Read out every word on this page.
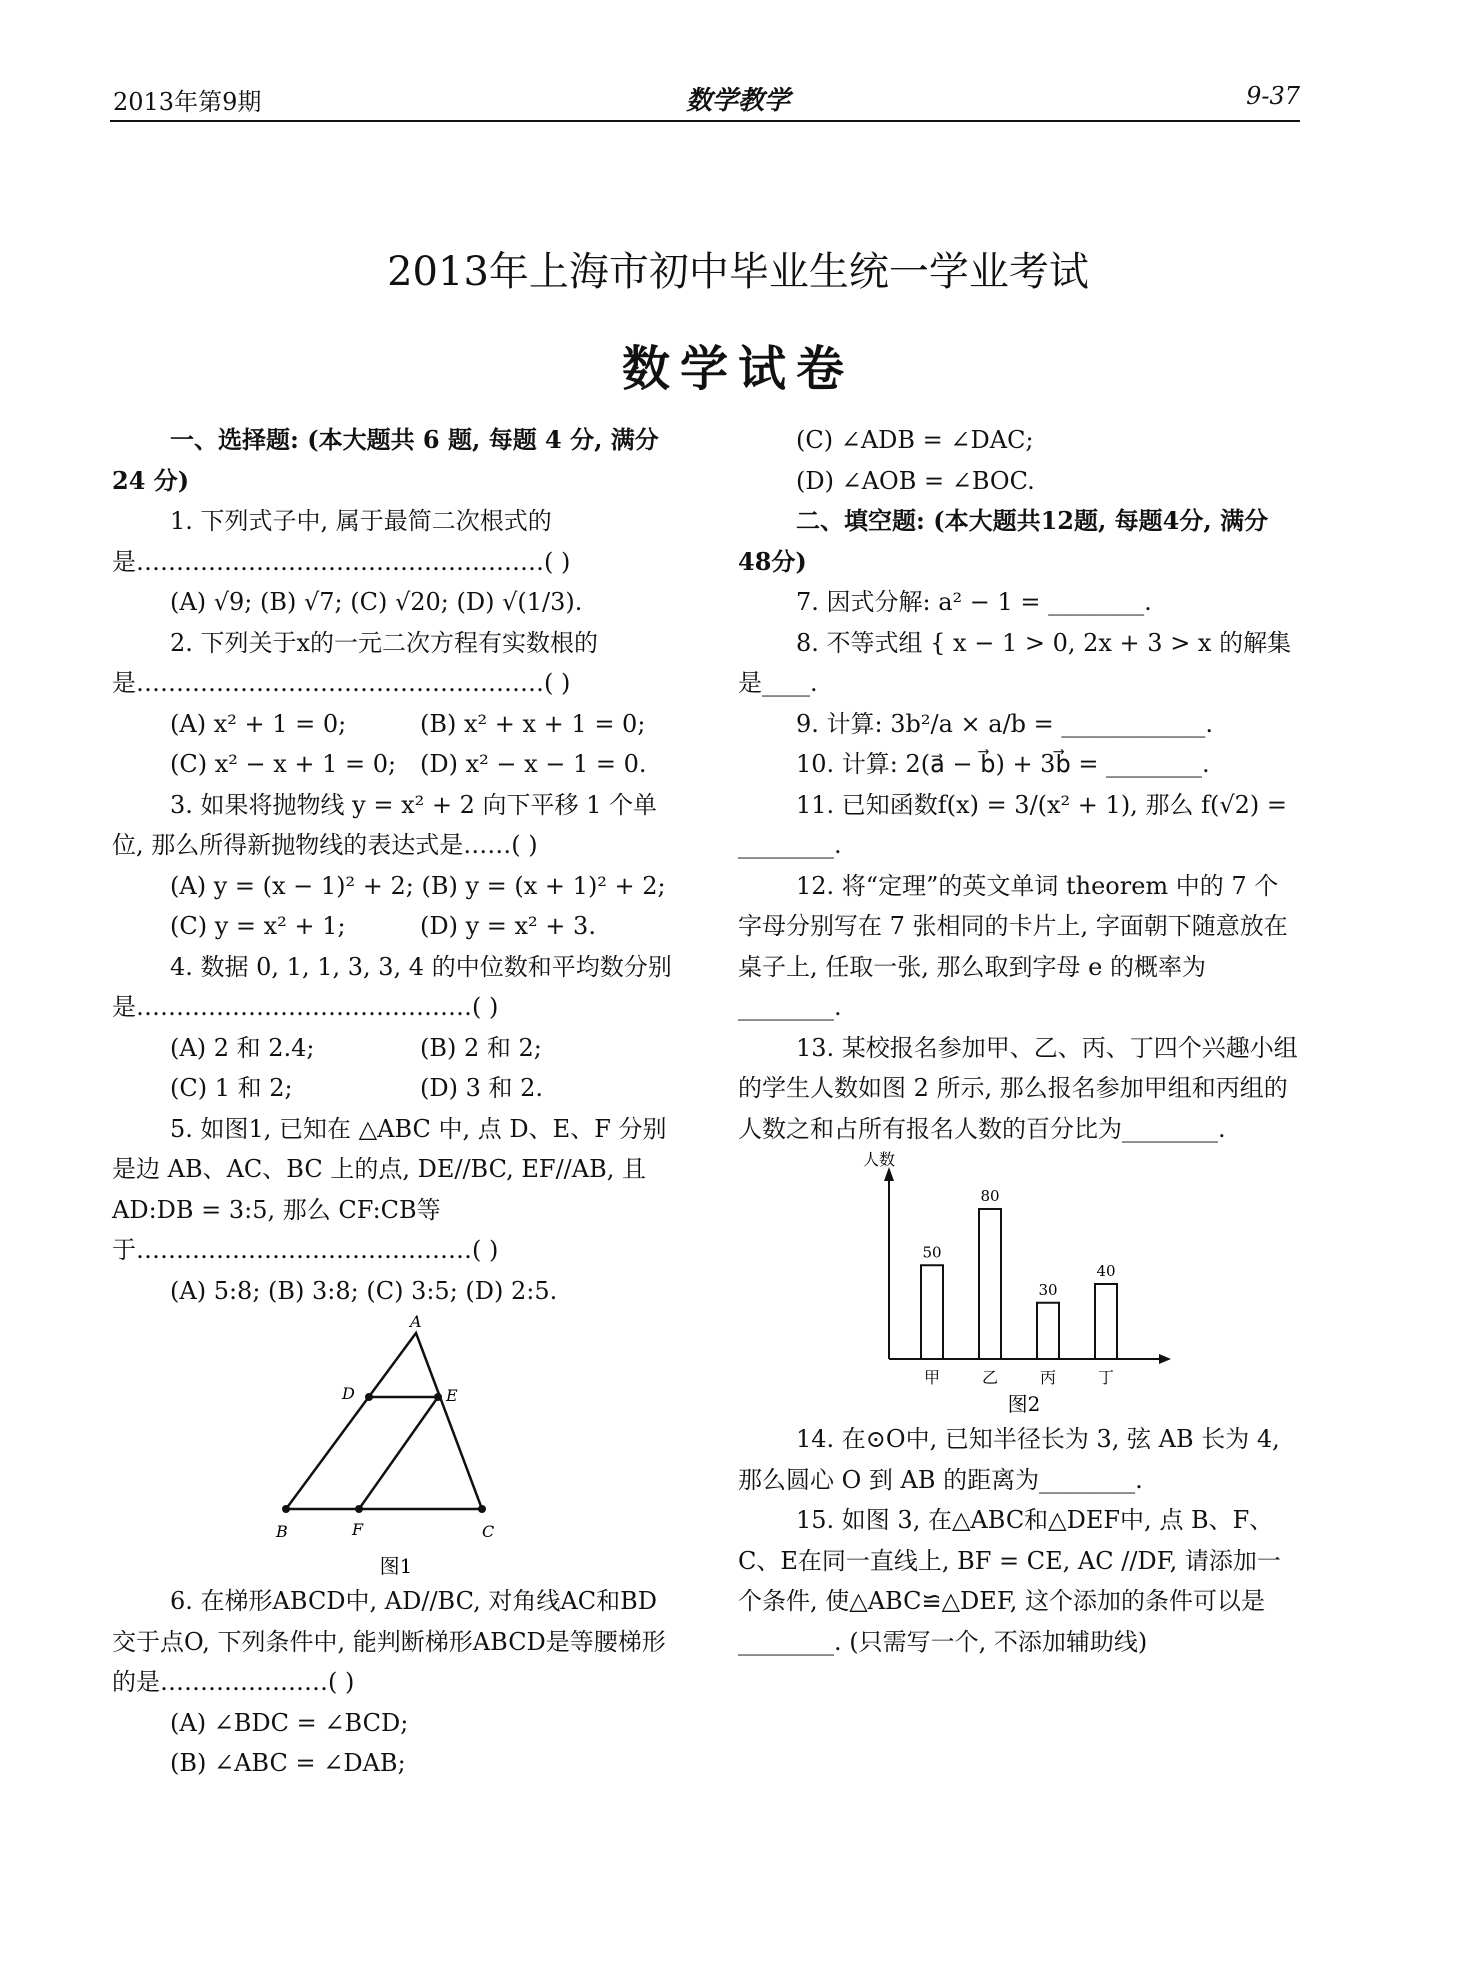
2013年第9期	数学教学	9-37
2013年上海市初中毕业生统一学业考试
数学试卷

一、选择题: (本大题共 6 题, 每题 4 分, 满分 24 分)

1. 下列式子中, 属于最简二次根式的是……………………………………………( )

(A) √9; (B) √7; (C) √20; (D) √(1/3).

2. 下列关于x的一元二次方程有实数根的是……………………………………………( )

(A) x² + 1 = 0;	(B) x² + x + 1 = 0;
(C) x² − x + 1 = 0; (D) x² − x − 1 = 0.

3. 如果将抛物线 y = x² + 2 向下平移 1 个单位, 那么所得新抛物线的表达式是……( )

(A) y = (x − 1)² + 2; (B) y = (x + 1)² + 2;

(C) y = x² + 1;	(D) y = x² + 3.

4. 数据 0, 1, 1, 3, 3, 4 的中位数和平均数分别是……………………………………( )

(A) 2 和 2.4;	(B) 2 和 2;
(C) 1 和 2;	(D) 3 和 2.

5. 如图1, 已知在 △ABC 中, 点 D、E、F 分别是边 AB、AC、BC 上的点, DE//BC, EF//AB, 且 AD:DB = 3:5, 那么 CF:CB等于……………………………………( )

(A) 5:8; (B) 3:8; (C) 3:5; (D) 2:5.

A
D	E
B	F	C
图1

6. 在梯形ABCD中, AD//BC, 对角线AC和BD交于点O, 下列条件中, 能判断梯形ABCD是等腰梯形的是…………………( )

(A) ∠BDC = ∠BCD;

(B) ∠ABC = ∠DAB;

(C) ∠ADB = ∠DAC;

(D) ∠AOB = ∠BOC.

二、填空题: (本大题共12题, 每题4分, 满分48分)

7. 因式分解: a² − 1 = ________.

8. 不等式组 { x − 1 > 0, 2x + 3 > x 的解集是____.

9. 计算: 3b²/a × a/b = ____________.

10. 计算: 2(a⃗ − b⃗) + 3b⃗ = ________.

11. 已知函数f(x) = 3/(x² + 1), 那么 f(√2) = ________.

12. 将“定理”的英文单词 theorem 中的 7 个字母分别写在 7 张相同的卡片上, 字面朝下随意放在桌子上, 任取一张, 那么取到字母 e 的概率为________.

13. 某校报名参加甲、乙、丙、丁四个兴趣小组的学生人数如图 2 所示, 那么报名参加甲组和丙组的人数之和占所有报名人数的百分比为________.

人数
50
甲
80
乙
30
丙
40
丁
图2

14. 在⊙O中, 已知半径长为 3, 弦 AB 长为 4, 那么圆心 O 到 AB 的距离为________.

15. 如图 3, 在△ABC和△DEF中, 点 B、F、C、E在同一直线上, BF = CE, AC //DF, 请添加一个条件, 使△ABC≌△DEF, 这个添加的条件可以是________. (只需写一个, 不添加辅助线)
